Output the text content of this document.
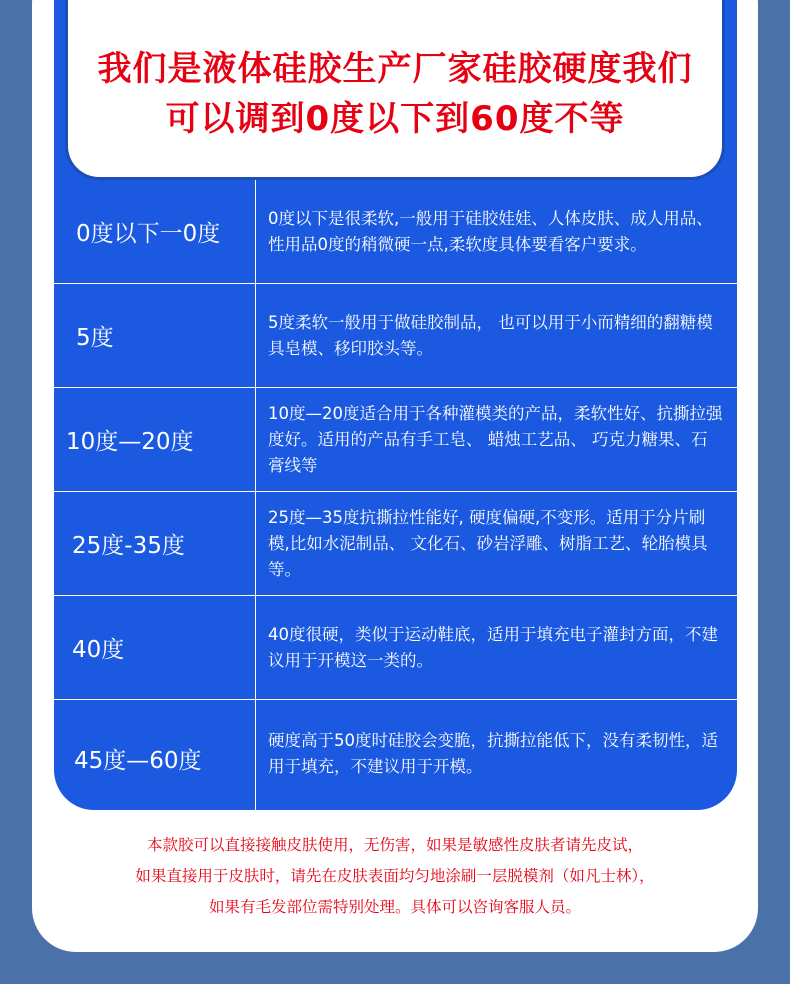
我们是液体硅胶生产厂家硅胶硬度我们
可以调到0度以下到60度不等
0度以下一0度

0度以下是很柔软,一般用于硅胶娃娃、人体皮肤、成人用品、 性用品0度的稍微硬一点,柔软度具体要看客户要求。

5度

5度柔软一般用于做硅胶制品， 也可以用于小而精细的翻糖模具皂模、移印胶头等。

10度—20度

10度—20度适合用于各种灌模类的产品，柔软性好、抗撕拉强度好。适用的产品有手工皂、 蜡烛工艺品、 巧克力糖果、石膏线等

25度-35度

25度—35度抗撕拉性能好, 硬度偏硬,不变形。适用于分片刷模,比如水泥制品、 文化石、砂岩浮雕、树脂工艺、轮胎模具等。

40度

40度很硬，类似于运动鞋底，适用于填充电子灌封方面，不建议用于开模这一类的。

45度—60度

硬度高于50度时硅胶会变脆，抗撕拉能低下，没有柔韧性，适用于填充，不建议用于开模。

本款胶可以直接接触皮肤使用，无伤害，如果是敏感性皮肤者请先皮试，

如果直接用于皮肤时，请先在皮肤表面均匀地涂刷一层脱模剂（如凡士林），

如果有毛发部位需特别处理。具体可以咨询客服人员。
